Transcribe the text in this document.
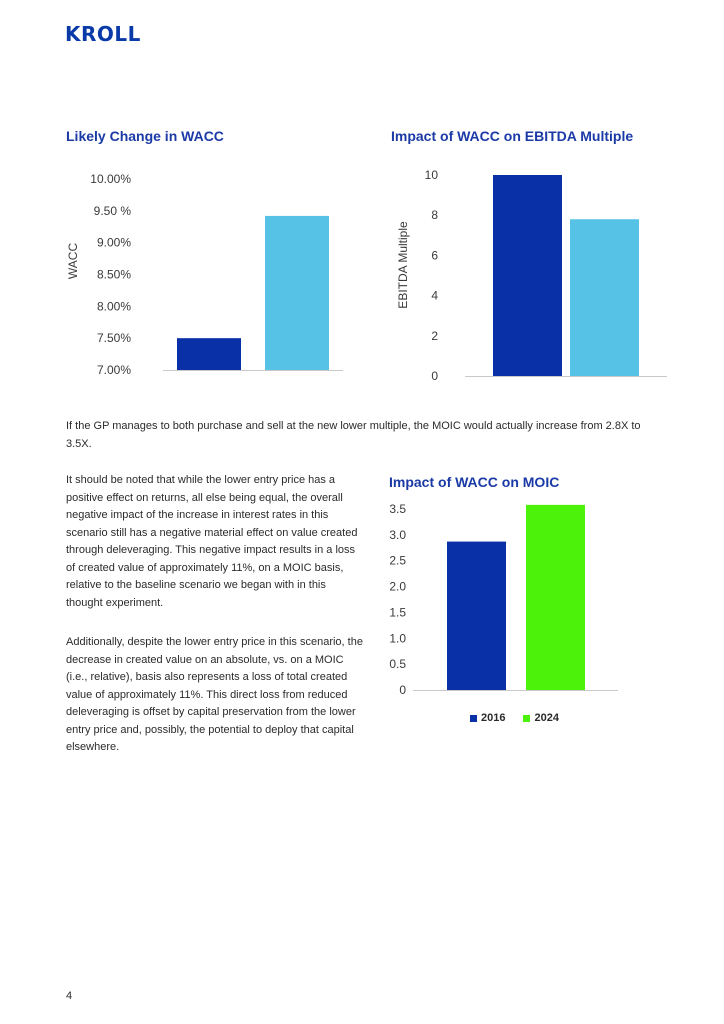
KROLL
Likely Change in WACC
7.00%
7.50%
8.00%
8.50%
9.00%
9.50 %
10.00%
WACC
Impact of WACC on EBITDA Multiple
0
2
4
6
8
10
EBITDA Multiple

If the GP manages to both purchase and sell at the new lower multiple, the MOIC would actually increase from 2.8X to 3.5X.

It should be noted that while the lower entry price has a positive effect on returns, all else being equal, the overall negative impact of the increase in interest rates in this scenario still has a negative material effect on value created through deleveraging. This negative impact results in a loss of created value of approximately 11%, on a MOIC basis, relative to the baseline scenario we began with in this thought experiment.

Additionally, despite the lower entry price in this scenario, the decrease in created value on an absolute, vs. on a MOIC (i.e., relative), basis also represents a loss of total created value of approximately 11%. This direct loss from reduced deleveraging is offset by capital preservation from the lower entry price and, possibly, the potential to deploy that capital elsewhere.

Impact of WACC on MOIC
0
0.5
1.0
1.5
2.0
2.5
3.0
3.5
2016	2024
4
